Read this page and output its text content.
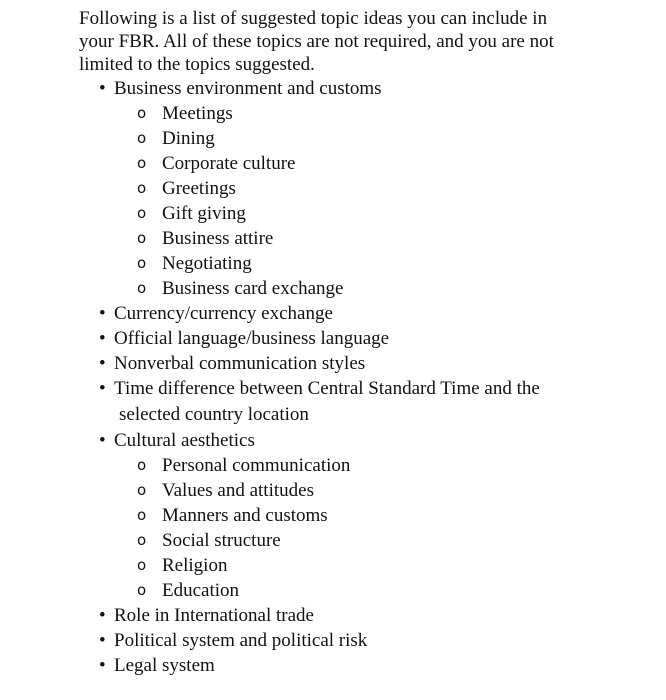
Following is a list of suggested topic ideas you can include in
your FBR. All of these topics are not required, and you are not
limited to the topics suggested.

• Business environment and customs
o Meetings
o Dining
o Corporate culture
o Greetings
o Gift giving
o Business attire
o Negotiating
o Business card exchange
• Currency/currency exchange
• Official language/business language
• Nonverbal communication styles
• Time difference between Central Standard Time and the
selected country location
• Cultural aesthetics
o Personal communication
o Values and attitudes
o Manners and customs
o Social structure
o Religion
o Education
• Role in International trade
• Political system and political risk
• Legal system
